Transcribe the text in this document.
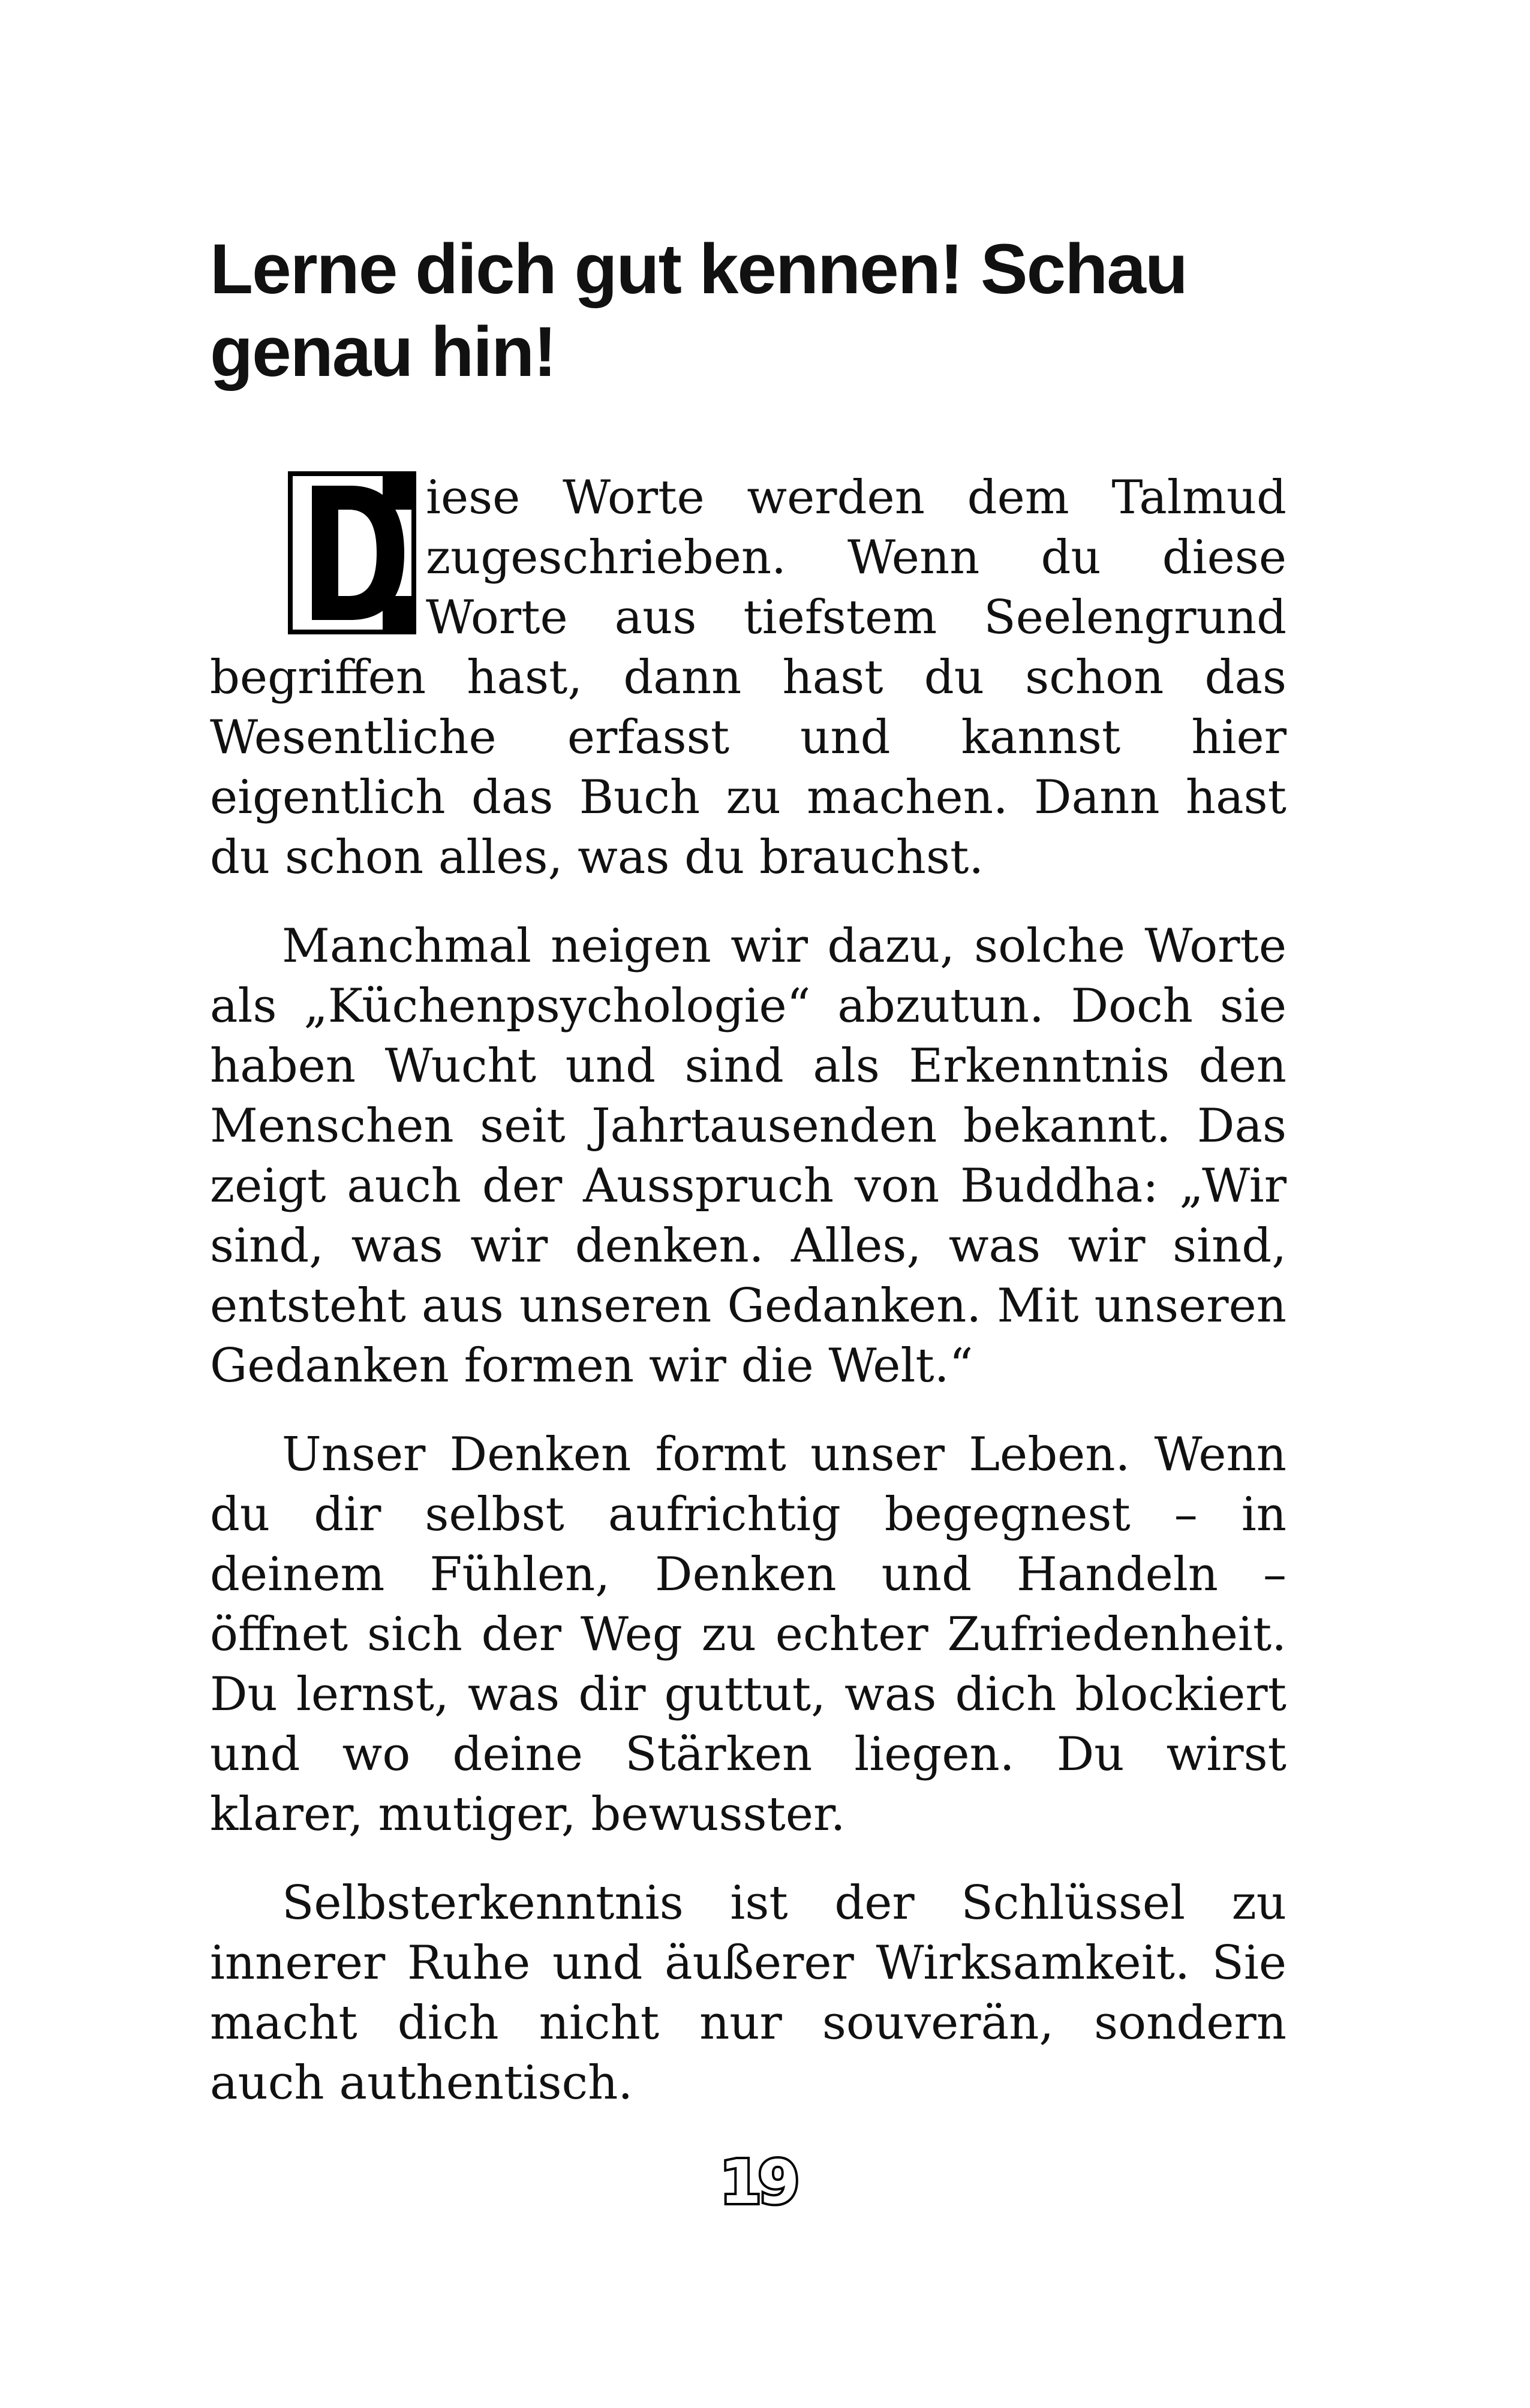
Lerne dich gut kennen! Schau genau hin!

iese Worte werden dem Talmud zugeschrieben. Wenn du diese Worte aus tiefstem Seelengrund begriffen hast, dann hast du schon das Wesentliche erfasst und kannst hier eigentlich das Buch zu machen. Dann hast du schon alles, was du brauchst.

Manchmal neigen wir dazu, solche Worte als „Küchenpsychologie“ abzutun. Doch sie haben Wucht und sind als Erkenntnis den Menschen seit Jahrtausenden bekannt. Das zeigt auch der Ausspruch von Buddha: „Wir sind, was wir denken. Alles, was wir sind, entsteht aus unseren Gedanken. Mit unseren Gedanken formen wir die Welt.“

Unser Denken formt unser Leben. Wenn du dir selbst aufrichtig begegnest – in deinem Fühlen, Denken und Handeln – öffnet sich der Weg zu echter Zufriedenheit. Du lernst, was dir guttut, was dich blockiert und wo deine Stärken liegen. Du wirst klarer, mutiger, bewusster.

Selbsterkenntnis ist der Schlüssel zu innerer Ruhe und äußerer Wirksamkeit. Sie macht dich nicht nur souverän, sondern auch authentisch.

19
